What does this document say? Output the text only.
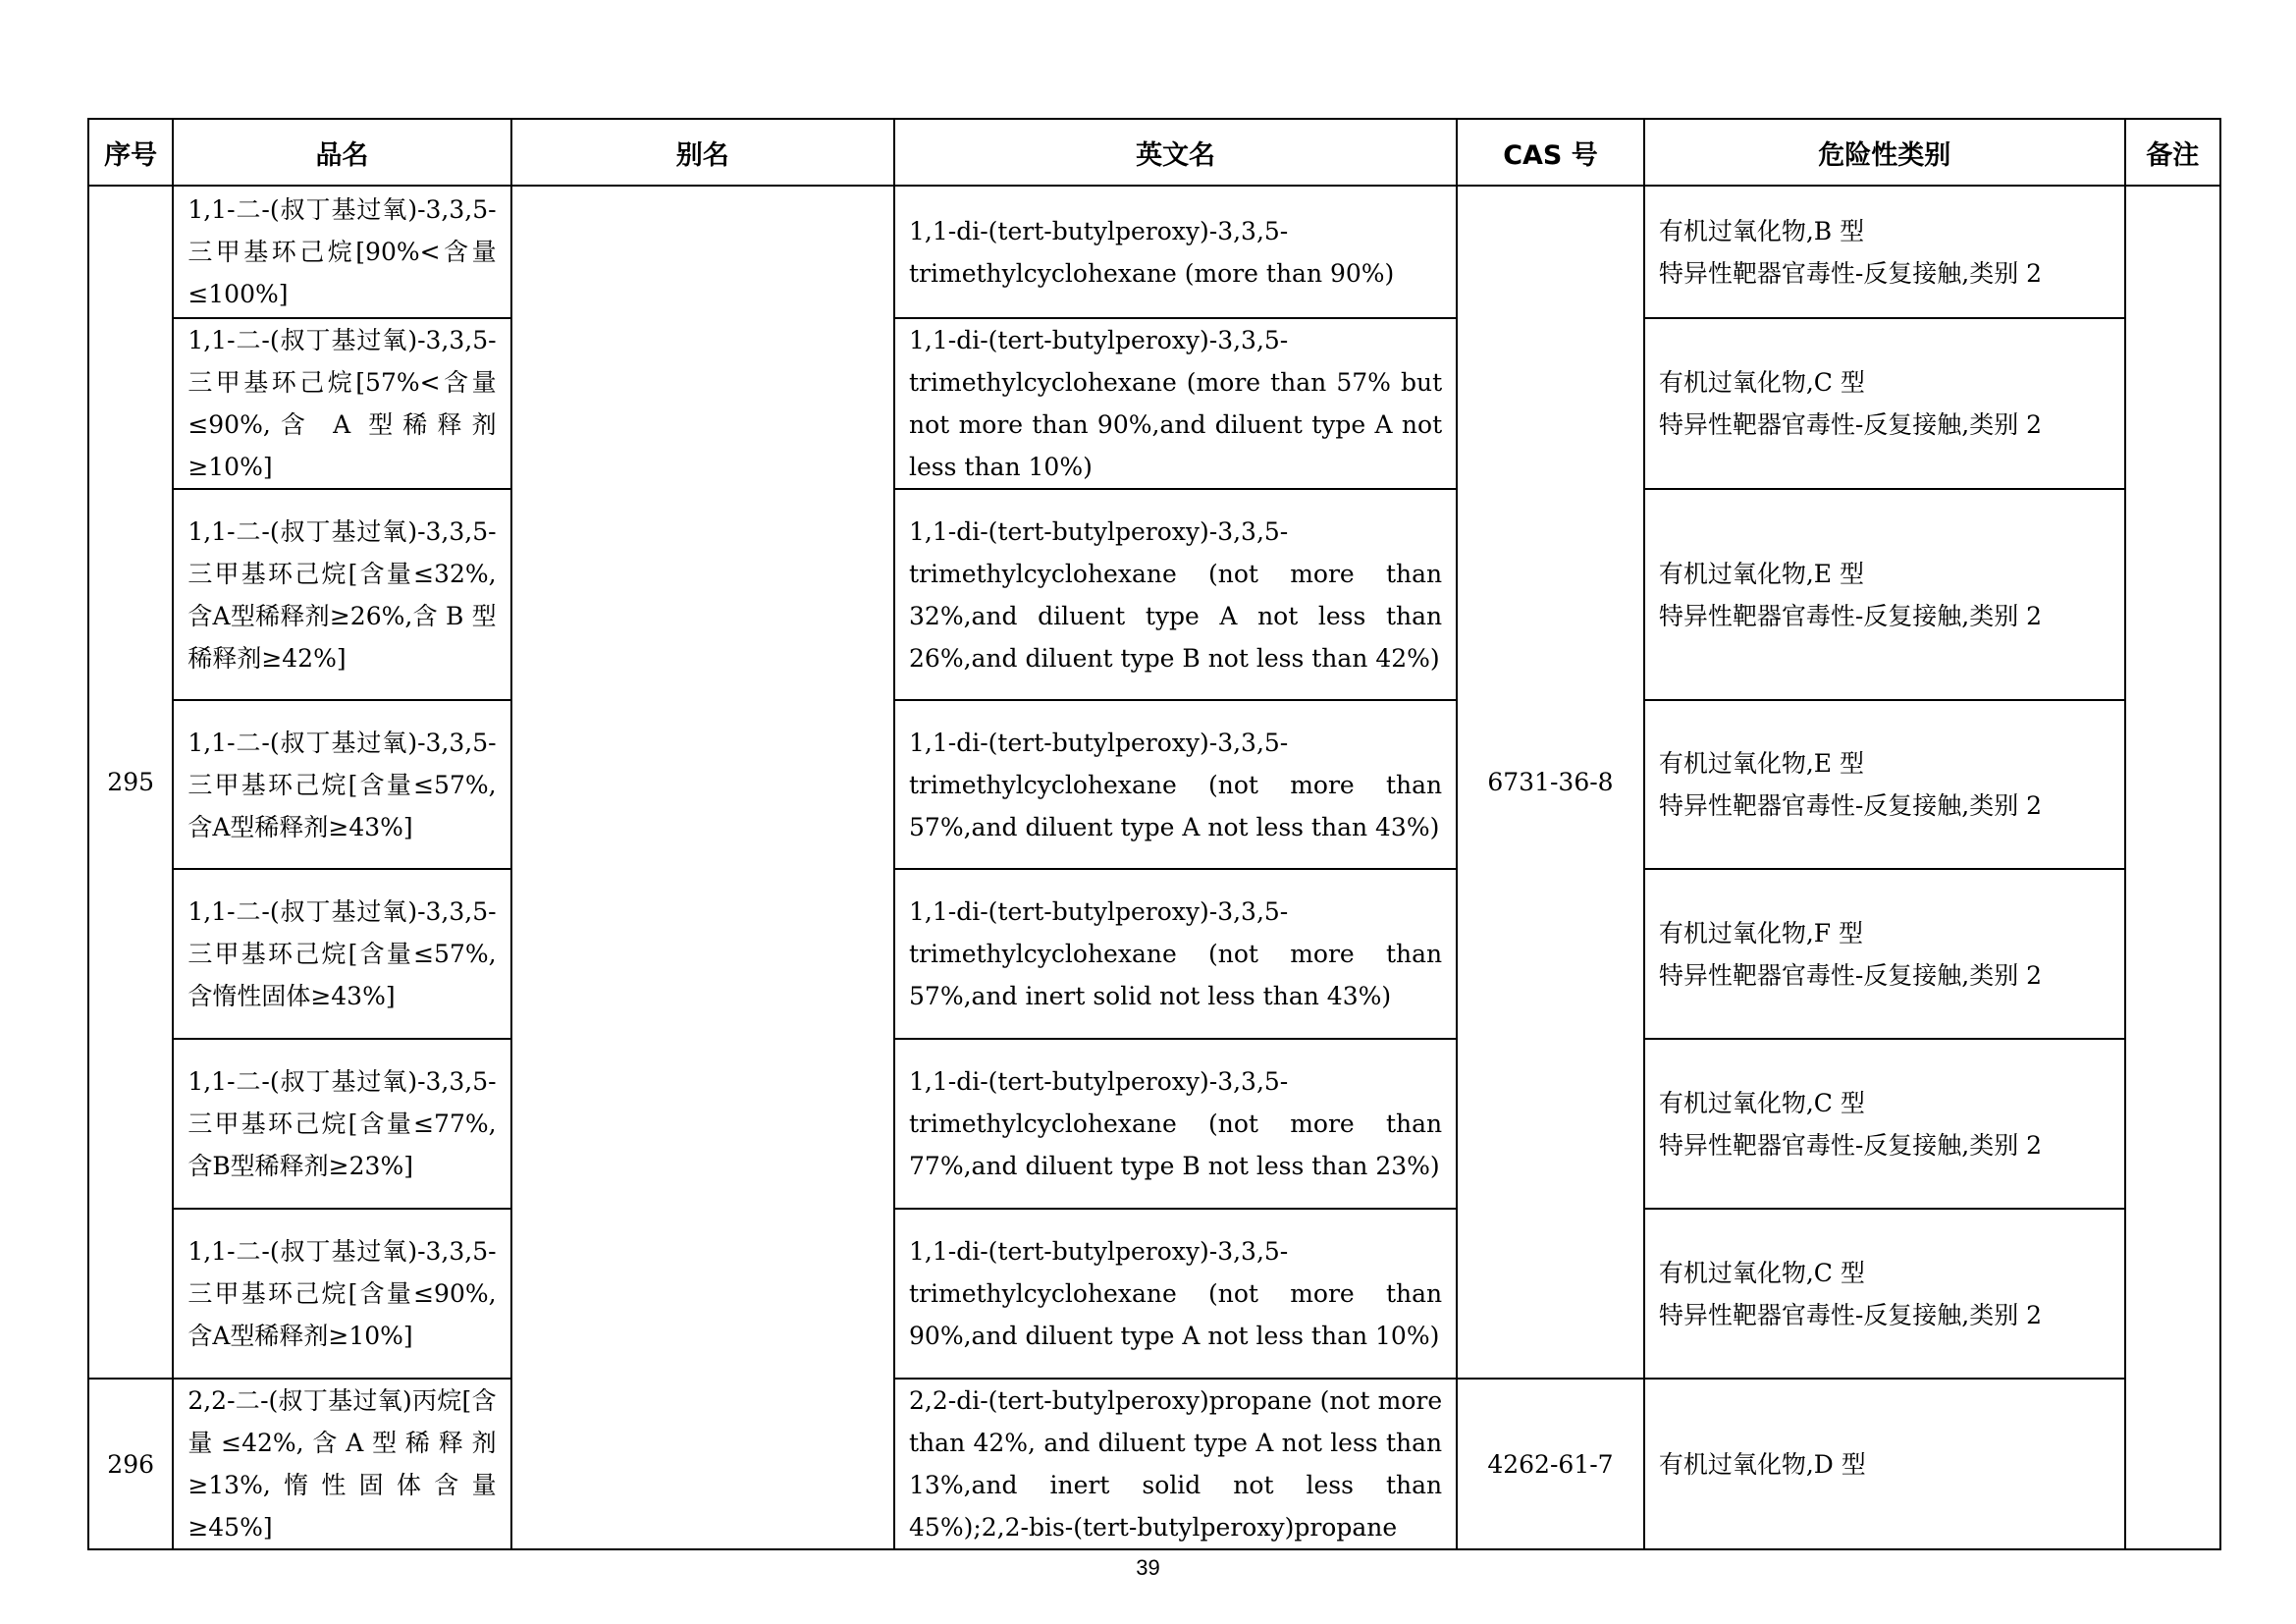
序号	品名	别名	英文名	CAS 号	危险性类别	备注
295	1,1-二-(叔丁基过氧)-3,3,5-三甲基环己烷[90%<含量≤100%]		1,1-di-(tert-butylperoxy)-3,3,5-trimethylcyclohexane (more than 90%)	6731-36-8	有机过氧化物,B 型
特异性靶器官毒性-反复接触,类别 2	

	1,1-二-(叔丁基过氧)-3,3,5-三甲基环己烷[57%<含量≤90%,含 A 型稀释剂≥10%]		1,1-di-(tert-butylperoxy)-3,3,5-trimethylcyclohexane (more than 57% but not more than 90%,and diluent type A not less than 10%)		有机过氧化物,C 型
特异性靶器官毒性-反复接触,类别 2	

	1,1-二-(叔丁基过氧)-3,3,5-三甲基环己烷[含量≤32%,含A型稀释剂≥26%,含 B 型稀释剂≥42%]		1,1-di-(tert-butylperoxy)-3,3,5-trimethylcyclohexane (not more than 32%,and diluent type A not less than 26%,and diluent type B not less than 42%)		有机过氧化物,E 型
特异性靶器官毒性-反复接触,类别 2	

	1,1-二-(叔丁基过氧)-3,3,5-三甲基环己烷[含量≤57%,含A型稀释剂≥43%]		1,1-di-(tert-butylperoxy)-3,3,5-trimethylcyclohexane (not more than 57%,and diluent type A not less than 43%)		有机过氧化物,E 型
特异性靶器官毒性-反复接触,类别 2	

	1,1-二-(叔丁基过氧)-3,3,5-三甲基环己烷[含量≤57%,含惰性固体≥43%]		1,1-di-(tert-butylperoxy)-3,3,5-trimethylcyclohexane (not more than 57%,and inert solid not less than 43%)		有机过氧化物,F 型
特异性靶器官毒性-反复接触,类别 2	

	1,1-二-(叔丁基过氧)-3,3,5-三甲基环己烷[含量≤77%,含B型稀释剂≥23%]		1,1-di-(tert-butylperoxy)-3,3,5-trimethylcyclohexane (not more than 77%,and diluent type B not less than 23%)		有机过氧化物,C 型
特异性靶器官毒性-反复接触,类别 2	

	1,1-二-(叔丁基过氧)-3,3,5-三甲基环己烷[含量≤90%,含A型稀释剂≥10%]		1,1-di-(tert-butylperoxy)-3,3,5-trimethylcyclohexane (not more than 90%,and diluent type A not less than 10%)		有机过氧化物,C 型
特异性靶器官毒性-反复接触,类别 2	

296	2,2-二-(叔丁基过氧)丙烷[含量≤42%,含A型稀释剂≥13%,惰性固体含量≥45%]		2,2-di-(tert-butylperoxy)propane (not more than 42%, and diluent type A not less than 13%,and inert solid not less than 45%);2,2-bis-(tert-butylperoxy)propane	4262-61-7	有机过氧化物,D 型	
39
